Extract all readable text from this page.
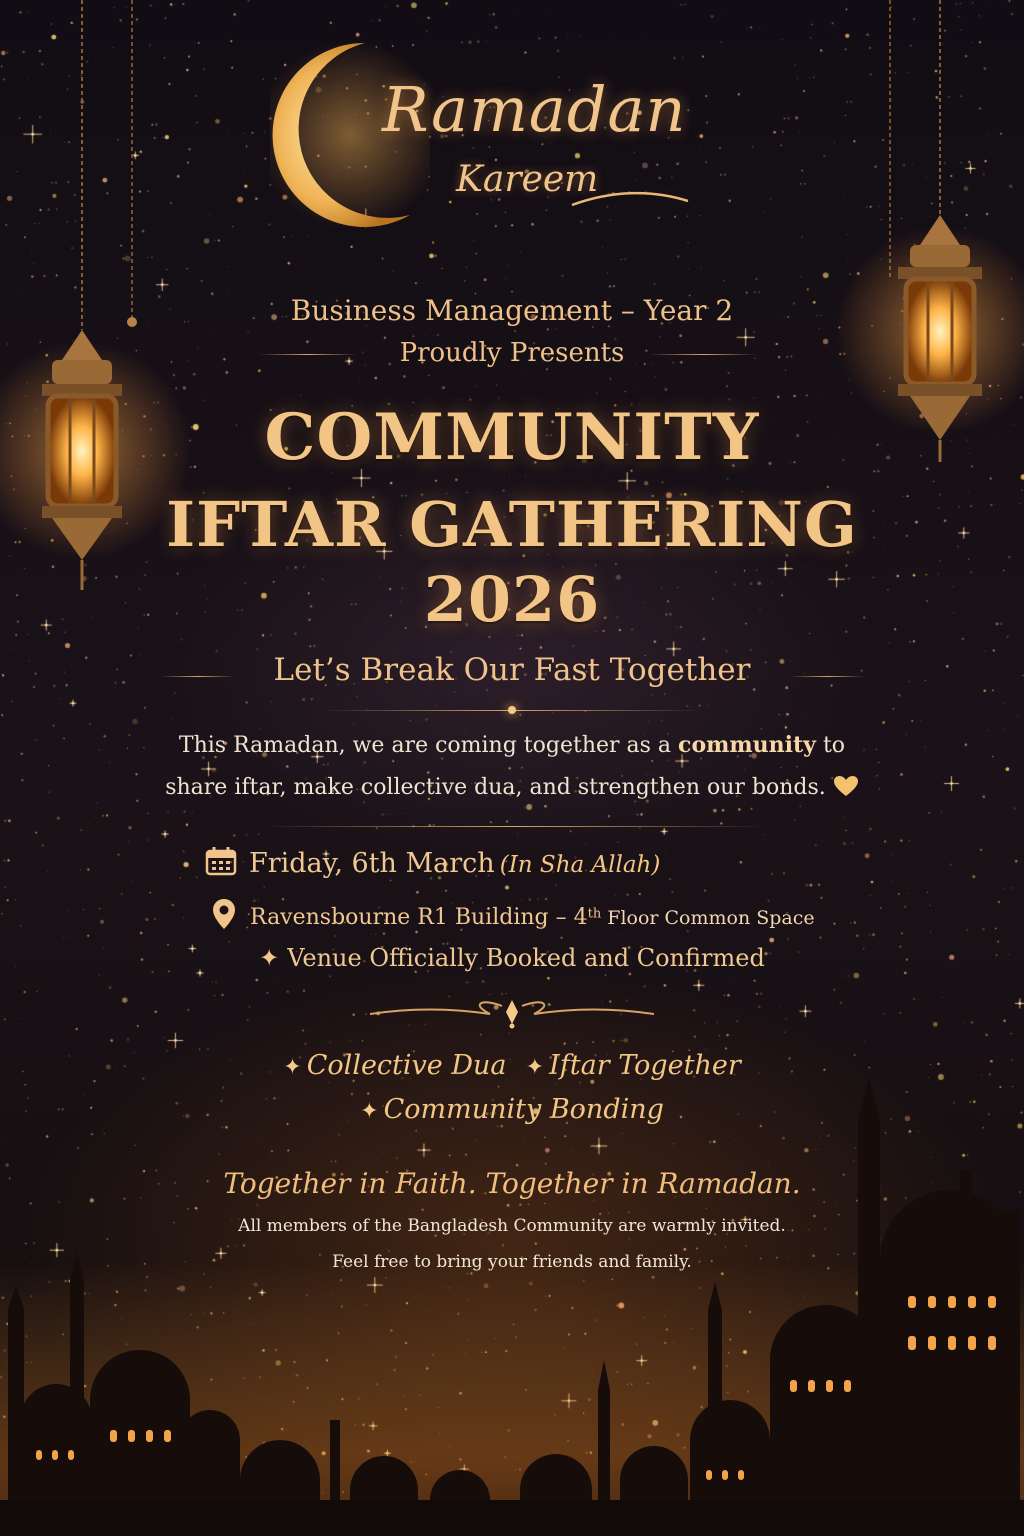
Ramadan
Kareem
Business Management – Year 2
Proudly Presents
COMMUNITY
IFTAR GATHERING
2026
Let’s Break Our Fast Together
This Ramadan, we are coming together as a community to
share iftar, make collective dua, and strengthen our bonds.
Friday, 6th March (In Sha Allah)
Ravensbourne R1 Building – 4th Floor Common Space
✦ Venue Officially Booked and Confirmed
✦ Collective Dua ✦ Iftar Together
✦ Community Bonding
Together in Faith. Together in Ramadan.
All members of the Bangladesh Community are warmly invited.
